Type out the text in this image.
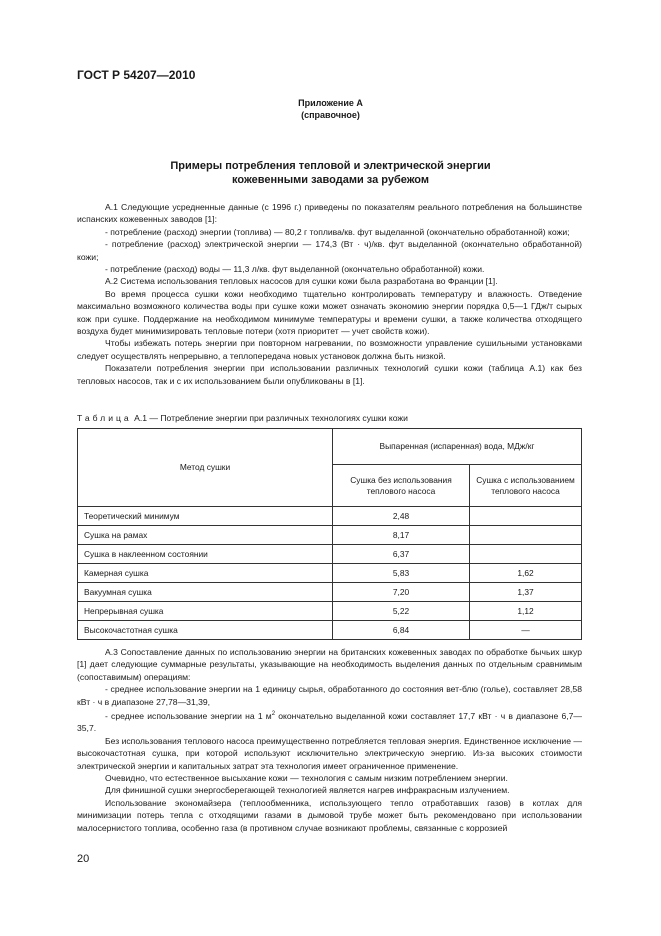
ГОСТ Р 54207—2010
Приложение А
(справочное)
Примеры потребления тепловой и электрической энергии
кожевенными заводами за рубежом

А.1 Следующие усредненные данные (с 1996 г.) приведены по показателям реального потребления на большинстве испанских кожевенных заводов [1]:

- потребление (расход) энергии (топлива) — 80,2 г топлива/кв. фут выделанной (окончательно обработанной) кожи;

- потребление (расход) электрической энергии — 174,3 (Вт · ч)/кв. фут выделанной (окончательно обработанной) кожи;

- потребление (расход) воды — 11,3 л/кв. фут выделанной (окончательно обработанной) кожи.

А.2 Система использования тепловых насосов для сушки кожи была разработана во Франции [1].

Во время процесса сушки кожи необходимо тщательно контролировать температуру и влажность. Отведение максимально возможного количества воды при сушке кожи может означать экономию энергии порядка 0,5—1 ГДж/т сырых кож при сушке. Поддержание на необходимом минимуме температуры и времени сушки, а также количества отходящего воздуха будет минимизировать тепловые потери (хотя приоритет — учет свойств кожи).

Чтобы избежать потерь энергии при повторном нагревании, по возможности управление сушильными установками следует осуществлять непрерывно, а теплопередача новых установок должна быть низкой.

Показатели потребления энергии при использовании различных технологий сушки кожи (таблица А.1) как без тепловых насосов, так и с их использованием были опубликованы в [1].

Таблица А.1 — Потребление энергии при различных технологиях сушки кожи
Метод сушки	Выпаренная (испаренная) вода, МДж/кг	
	Сушка без использования теплового насоса	Сушка с использованием теплового насоса
Теоретический минимум	2,48	
Сушка на рамах	8,17	
Сушка в наклеенном состоянии	6,37	
Камерная сушка	5,83	1,62
Вакуумная сушка	7,20	1,37
Непрерывная сушка	5,22	1,12
Высокочастотная сушка	6,84	—

А.3 Сопоставление данных по использованию энергии на британских кожевенных заводах по обработке бычьих шкур [1] дает следующие суммарные результаты, указывающие на необходимость выделения данных по отдельным сравнимым (сопоставимым) операциям:

- среднее использование энергии на 1 единицу сырья, обработанного до состояния вет-блю (голье), составляет 28,58 кВт · ч в диапазоне 27,78—31,39,

- среднее использование энергии на 1 $м^2$ окончательно выделанной кожи составляет 17,7 кВт · ч в диапазоне 6,7—35,7.

Без использования теплового насоса преимущественно потребляется тепловая энергия. Единственное исключение — высокочастотная сушка, при которой используют исключительно электрическую энергию. Из-за высоких стоимости электрической энергии и капитальных затрат эта технология имеет ограниченное применение.

Очевидно, что естественное высыхание кожи — технология с самым низким потреблением энергии.

Для финишной сушки энергосберегающей технологией является нагрев инфракрасным излучением.

Использование экономайзера (теплообменника, использующего тепло отработавших газов) в котлах для минимизации потерь тепла с отходящими газами в дымовой трубе может быть рекомендовано при использовании малосернистого топлива, особенно газа (в противном случае возникают проблемы, связанные с коррозией

20
